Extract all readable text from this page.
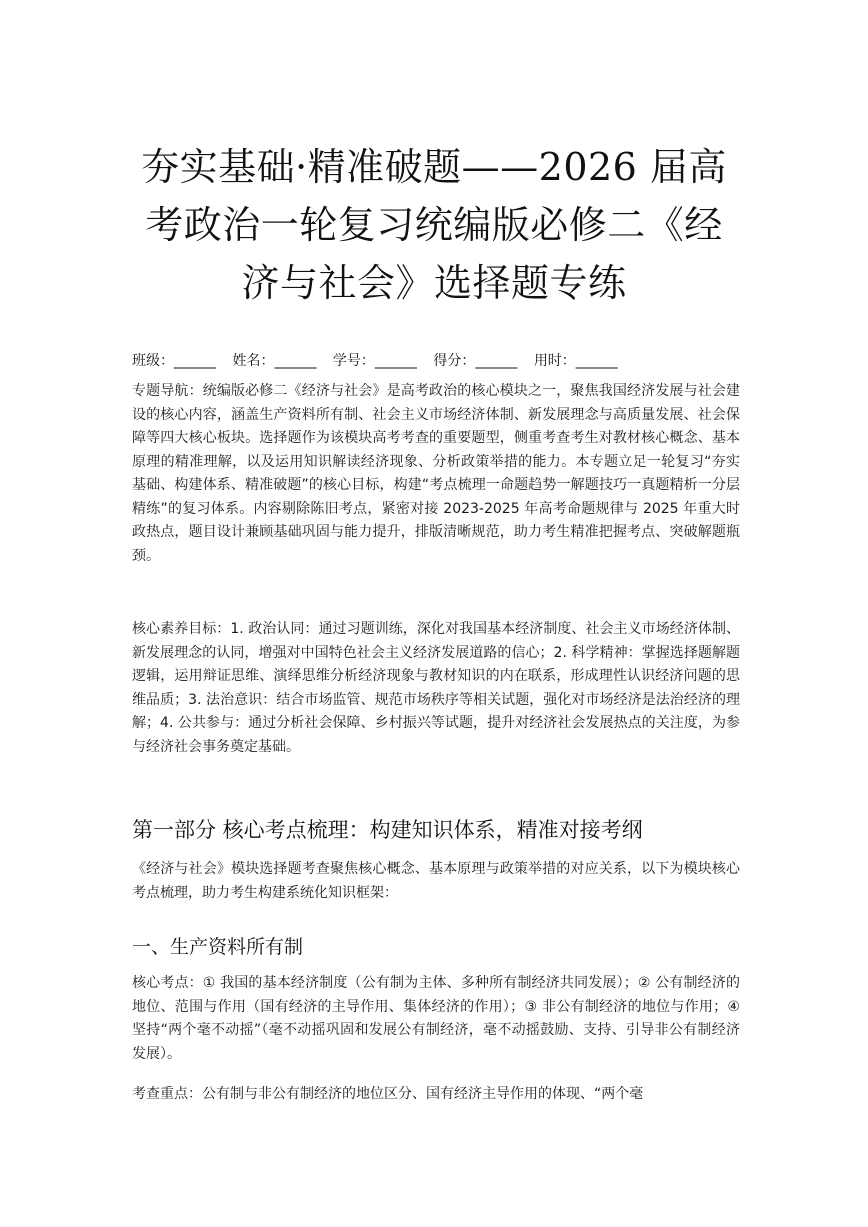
夯实基础·精准破题——2026 届高考政治一轮复习统编版必修二《经济与社会》选择题专练
班级：______ 姓名：______ 学号：______ 得分：______ 用时：______

专题导航：统编版必修二《经济与社会》是高考政治的核心模块之一，聚焦我国经济发展与社会建设的核心内容，涵盖生产资料所有制、社会主义市场经济体制、新发展理念与高质量发展、社会保障等四大核心板块。选择题作为该模块高考考查的重要题型，侧重考查考生对教材核心概念、基本原理的精准理解，以及运用知识解读经济现象、分析政策举措的能力。本专题立足一轮复习“夯实基础、构建体系、精准破题”的核心目标，构建“考点梳理一命题趋势一解题技巧一真题精析一分层精练”的复习体系。内容剔除陈旧考点，紧密对接 2023-2025 年高考命题规律与 2025 年重大时政热点，题目设计兼顾基础巩固与能力提升，排版清晰规范，助力考生精准把握考点、突破解题瓶颈。

核心素养目标：1. 政治认同：通过习题训练，深化对我国基本经济制度、社会主义市场经济体制、新发展理念的认同，增强对中国特色社会主义经济发展道路的信心；2. 科学精神：掌握选择题解题逻辑，运用辩证思维、演绎思维分析经济现象与教材知识的内在联系，形成理性认识经济问题的思维品质；3. 法治意识：结合市场监管、规范市场秩序等相关试题，强化对市场经济是法治经济的理解；4. 公共参与：通过分析社会保障、乡村振兴等试题，提升对经济社会发展热点的关注度，为参与经济社会事务奠定基础。

第一部分 核心考点梳理：构建知识体系，精准对接考纲

《经济与社会》模块选择题考查聚焦核心概念、基本原理与政策举措的对应关系，以下为模块核心考点梳理，助力考生构建系统化知识框架：

一、生产资料所有制

核心考点：① 我国的基本经济制度（公有制为主体、多种所有制经济共同发展）；② 公有制经济的地位、范围与作用（国有经济的主导作用、集体经济的作用）；③ 非公有制经济的地位与作用；④ 坚持“两个毫不动摇”（毫不动摇巩固和发展公有制经济，毫不动摇鼓励、支持、引导非公有制经济发展）。

考查重点：公有制与非公有制经济的地位区分、国有经济主导作用的体现、“两个毫
